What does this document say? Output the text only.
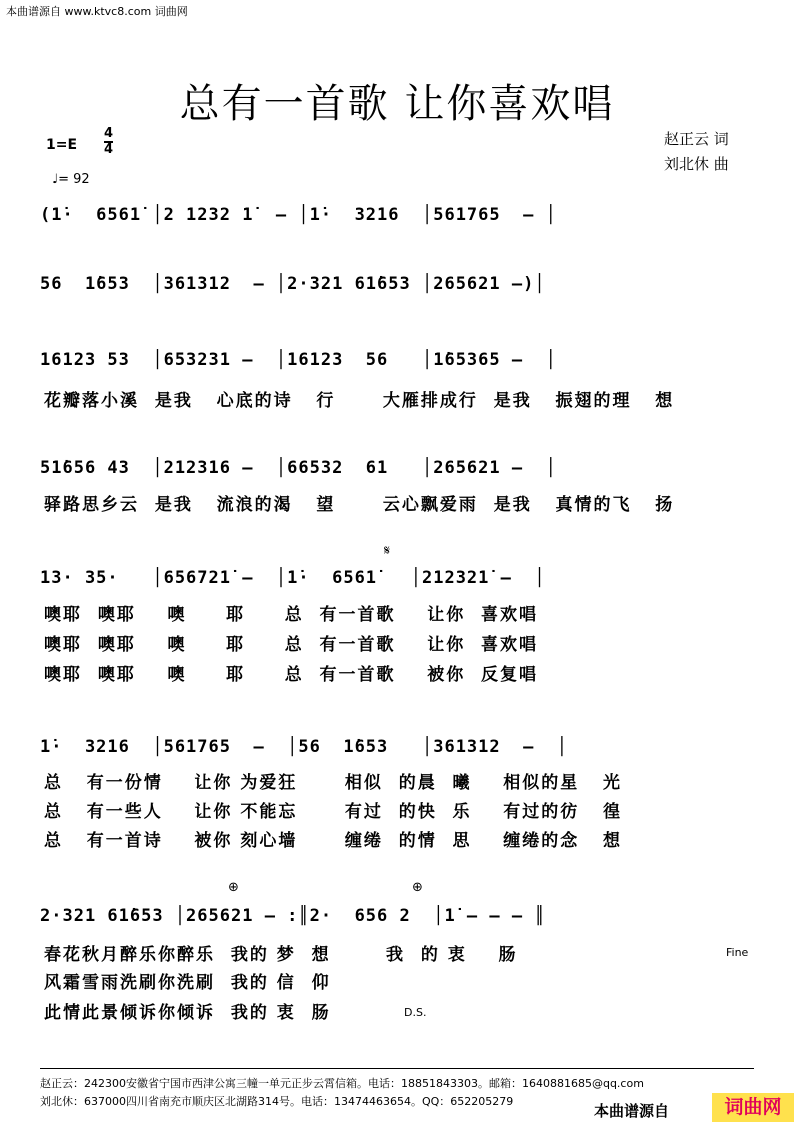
本曲谱源自 www.ktvc8.com 词曲网
总有一首歌 让你喜欢唱
$1=E \frac{4}{4}$
♩= 92
赵正云 词
刘北休 曲
(1̇·  6561̇ │2 1232 1̇  – │1̇·  3216  │561765  – │
56  1̇653  │361312  – │2·321 61̇653 │265621 –)│
16123 53  │653231 –  │16123  56   │1̇65365 –  │
花瓣落小溪  是我   心底的诗   行      大雁排成行  是我   振翅的理   想
51̇656 43  │212316 –  │66532  61   │265621 –  │
驿路思乡云  是我   流浪的渴   望      云心飘爱雨  是我   真情的飞   扬
𝄋
13· 35·   │656721̇ –  │1̇·  6561̇   │212321̇ –  │
噢耶  噢耶    噢     耶     总  有一首歌    让你  喜欢唱
噢耶  噢耶    噢     耶     总  有一首歌    让你  喜欢唱
噢耶  噢耶    噢     耶     总  有一首歌    被你  反复唱
1̇·  3216  │561765  –  │56  1̇653   │361312  –  │
总   有一份情    让你 为爱狂      相似  的晨  曦    相似的星   光
总   有一些人    让你 不能忘      有过  的快  乐    有过的彷   徨
总   有一首诗    被你 刻心墙      缠绻  的情  思    缠绻的念   想
⊕	⊕
2·321 61̇653 │265621 – :║2·  656 2  │1̇ – – – ║
春花秋月醉乐你醉乐  我的 梦  想       我  的 衷    肠
风霜雪雨洗刷你洗刷  我的 信  仰
此情此景倾诉你倾诉  我的 衷  肠
Fine
D.S.
赵正云：242300安徽省宁国市西津公寓三幢一单元正步云霄信箱。电话：18851843303。邮箱：1640881685@qq.com
刘北休：637000四川省南充市顺庆区北湖路314号。电话：13474463654。QQ：652205279
本曲谱源自	词曲网
